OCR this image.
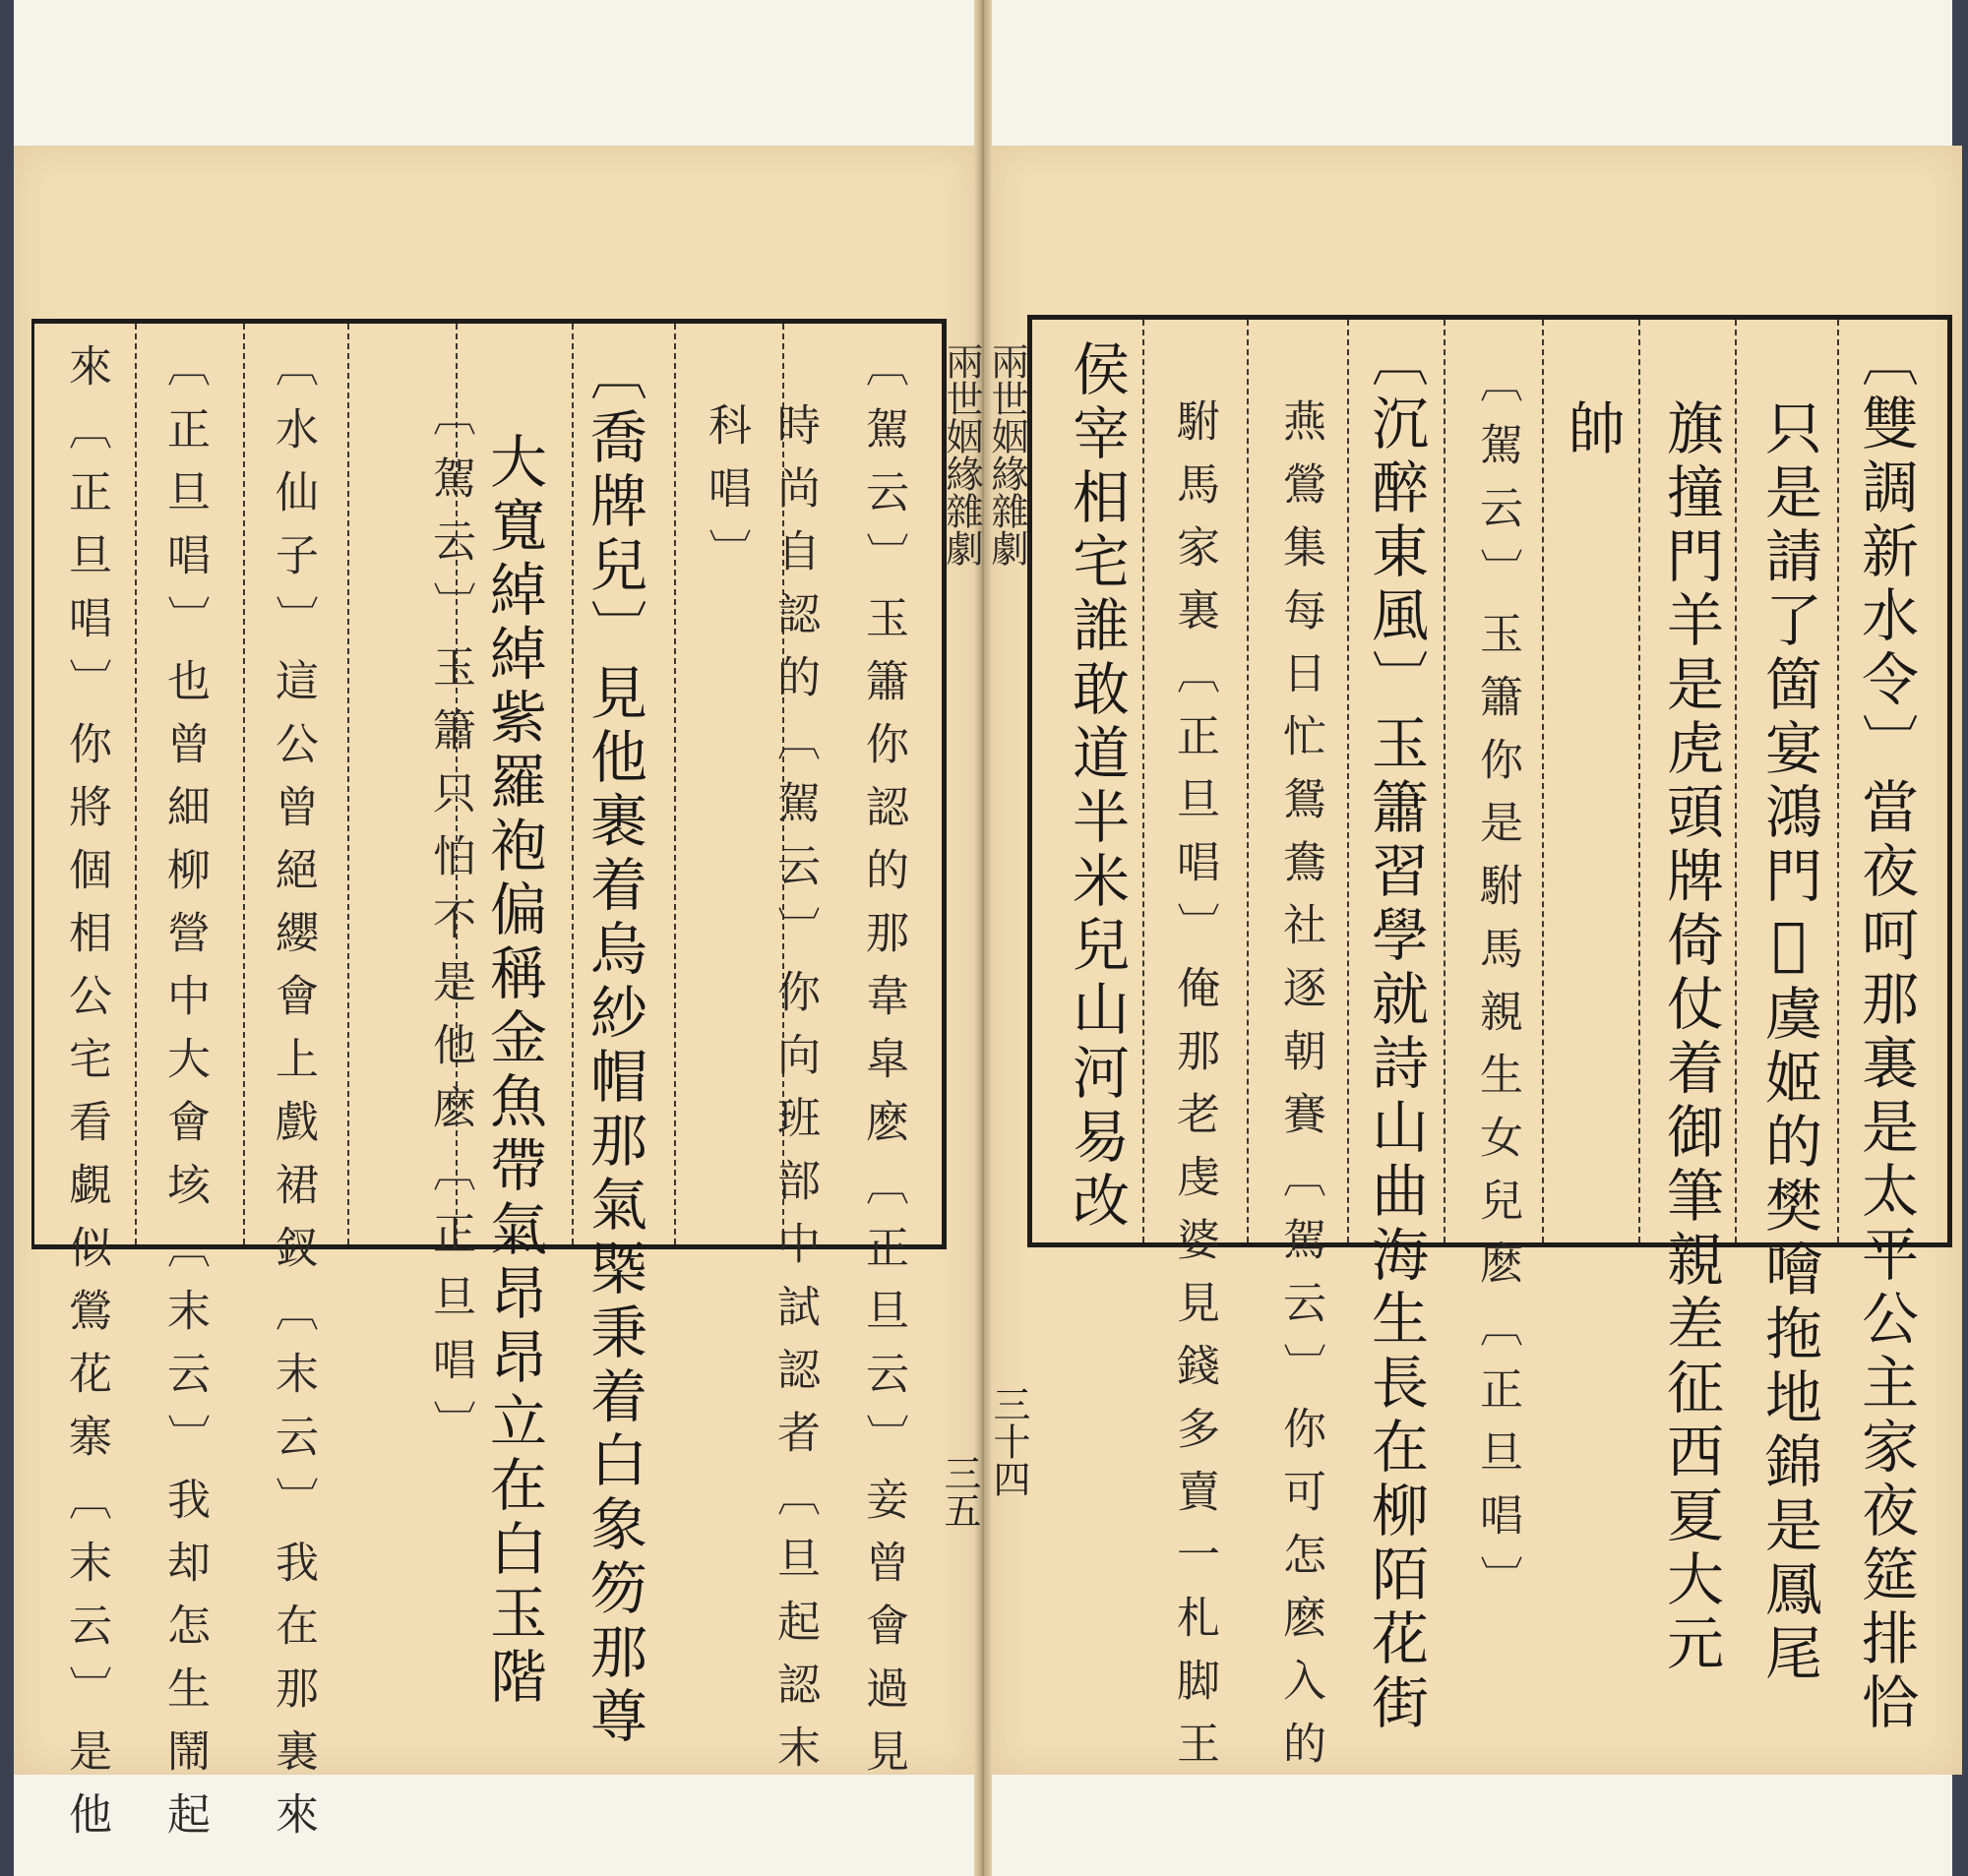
兩世姻緣雜劇
三五
〔駕云〕玉簫你認的那韋皐麽〔正旦云〕妾曾會過見
時尚自認的〔駕云〕你向班部中試認者〔旦起認末
科唱〕
〔駕云〕玉簫只怕不是他麽〔正旦唱〕 〔喬牌兒〕見他裹着烏紗帽那氣槩秉着白象笏那尊
大寬綽綽紫羅袍偏稱金魚帶氣昂昂立在白玉階
〔水仙子〕這公曾絕纓會上戲裙釵〔末云〕我在那裏來
〔正旦唱〕也曾細柳營中大會垓〔末云〕我却怎生鬧起
來〔正旦唱〕你將個相公宅看覷似鶯花寨〔末云〕是他	兩世姻緣雜劇
三十四	〔雙調新水令〕當夜呵那裏是太平公主家夜筵排恰
只是請了箇宴鴻門𢽎虞姬的樊噲拖地錦是鳳尾
旗撞門羊是虎頭牌倚仗着御筆親差征西夏大元
帥
〔駕云〕玉簫你是駙馬親生女兒麽〔正旦唱〕
〔沉醉東風〕玉簫習學就詩山曲海生長在柳陌花街
燕鶯集每日忙鴛鴦社逐朝賽〔駕云〕你可怎麽入的
駙馬家裏〔正旦唱〕俺那老虔婆見錢多賣一札脚王
侯宰相宅誰敢道半米兒山河易改
